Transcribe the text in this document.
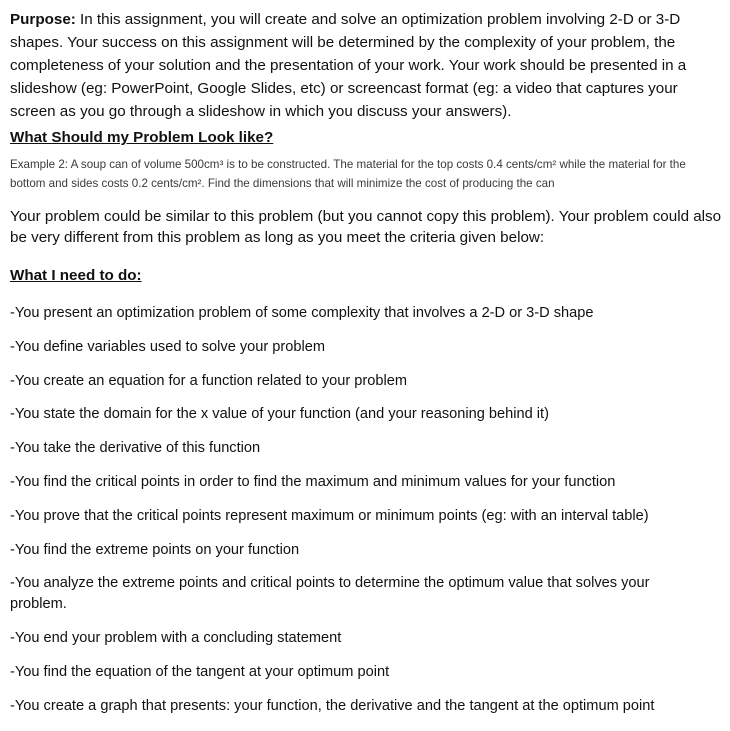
Purpose: In this assignment, you will create and solve an optimization problem involving 2-D or 3-D shapes. Your success on this assignment will be determined by the complexity of your problem, the completeness of your solution and the presentation of your work. Your work should be presented in a slideshow (eg: PowerPoint, Google Slides, etc) or screencast format (eg: a video that captures your screen as you go through a slideshow in which you discuss your answers).

What Should my Problem Look like?

Example 2: A soup can of volume 500cm³ is to be constructed. The material for the top costs 0.4 cents/cm² while the material for the bottom and sides costs 0.2 cents/cm². Find the dimensions that will minimize the cost of producing the can

Your problem could be similar to this problem (but you cannot copy this problem). Your problem could also be very different from this problem as long as you meet the criteria given below:

What I need to do:

-You present an optimization problem of some complexity that involves a 2-D or 3-D shape

-You define variables used to solve your problem

-You create an equation for a function related to your problem

-You state the domain for the x value of your function (and your reasoning behind it)

-You take the derivative of this function

-You find the critical points in order to find the maximum and minimum values for your function

-You prove that the critical points represent maximum or minimum points (eg: with an interval table)

-You find the extreme points on your function

-You analyze the extreme points and critical points to determine the optimum value that solves your problem.

-You end your problem with a concluding statement

-You find the equation of the tangent at your optimum point

-You create a graph that presents: your function, the derivative and the tangent at the optimum point
